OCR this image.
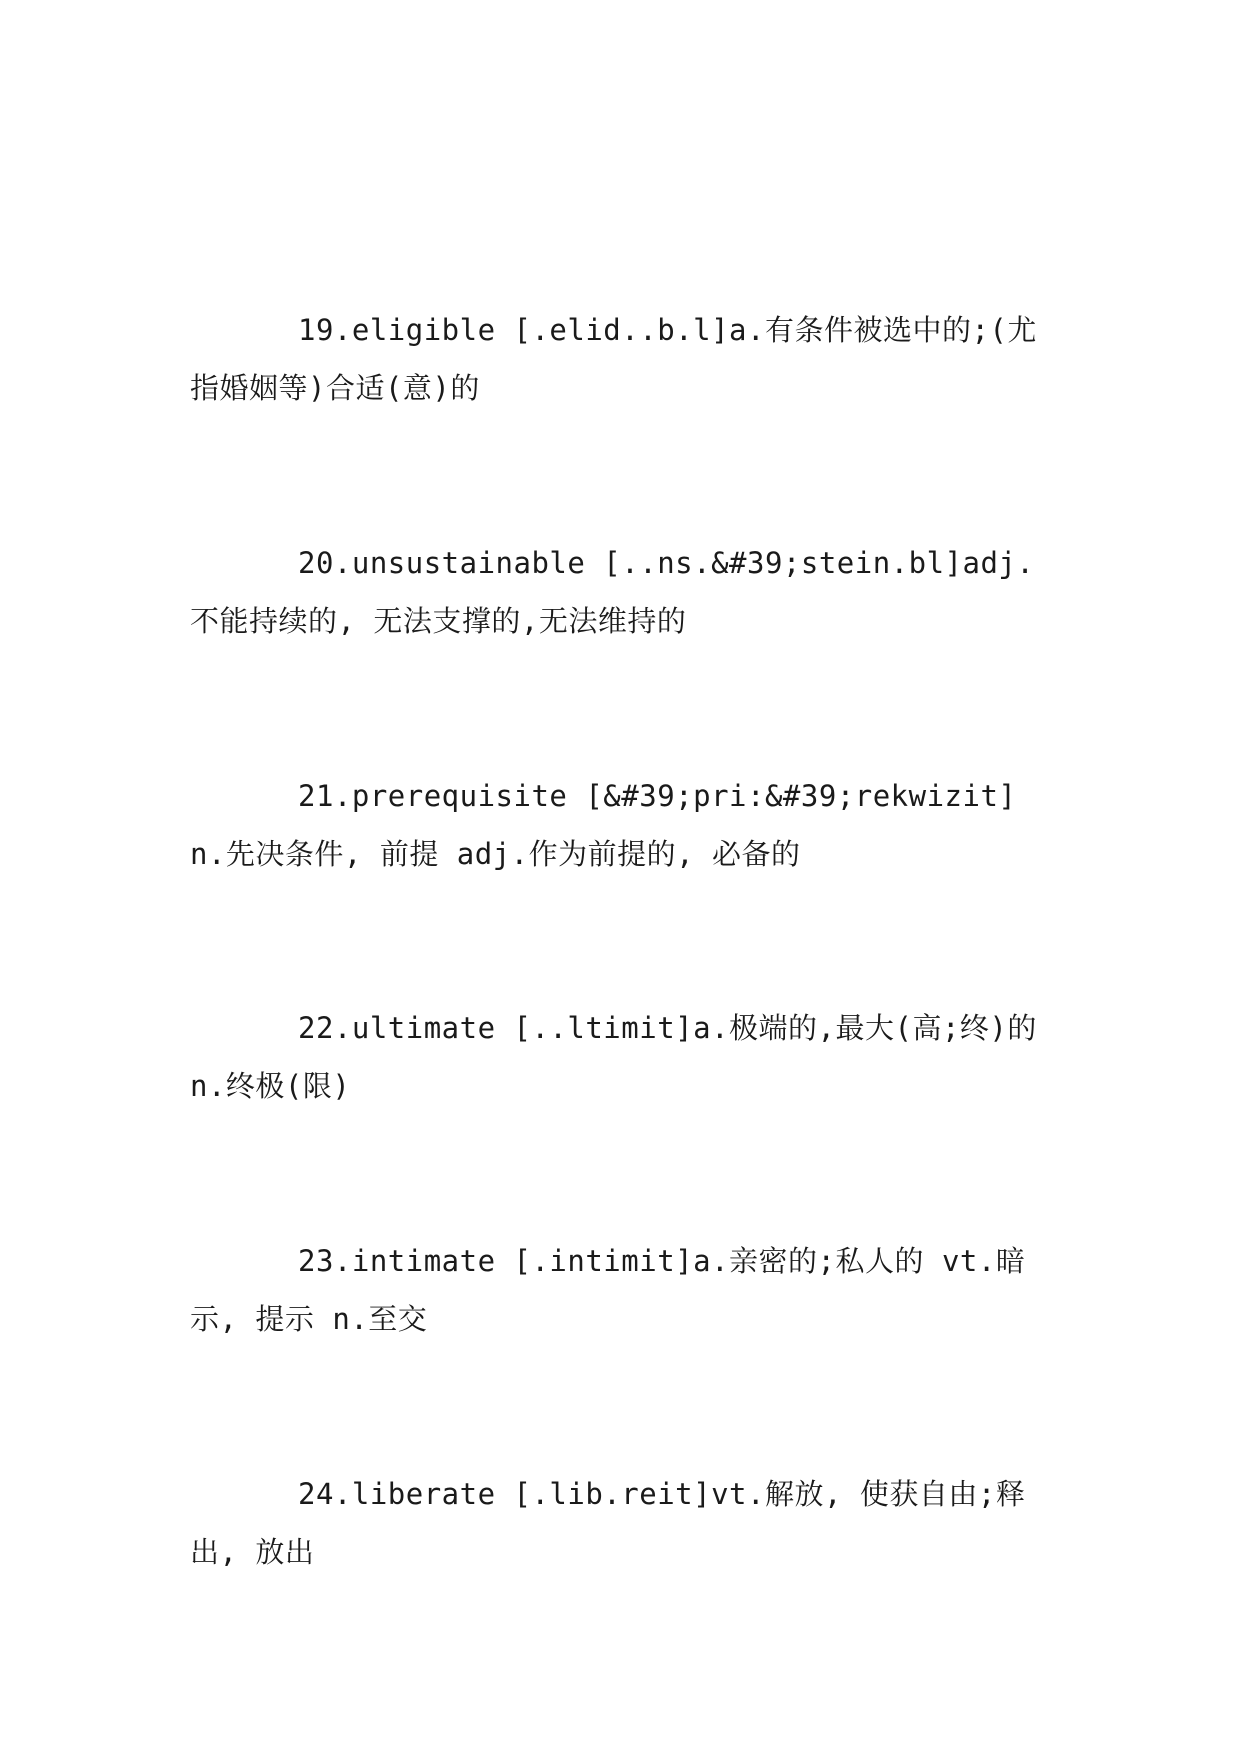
19.eligible [.elid..b.l]a.有条件被选中的;(尤指婚姻等)合适(意)的

20.unsustainable [..ns.&#39;stein.bl]adj.不能持续的, 无法支撑的,无法维持的

21.prerequisite [&#39;pri:&#39;rekwizit] n.先决条件, 前提 adj.作为前提的, 必备的

22.ultimate [..ltimit]a.极端的,最大(高;终)的 n.终极(限)

23.intimate [.intimit]a.亲密的;私人的 vt.暗示, 提示 n.至交

24.liberate [.lib.reit]vt.解放, 使获自由;释出, 放出
